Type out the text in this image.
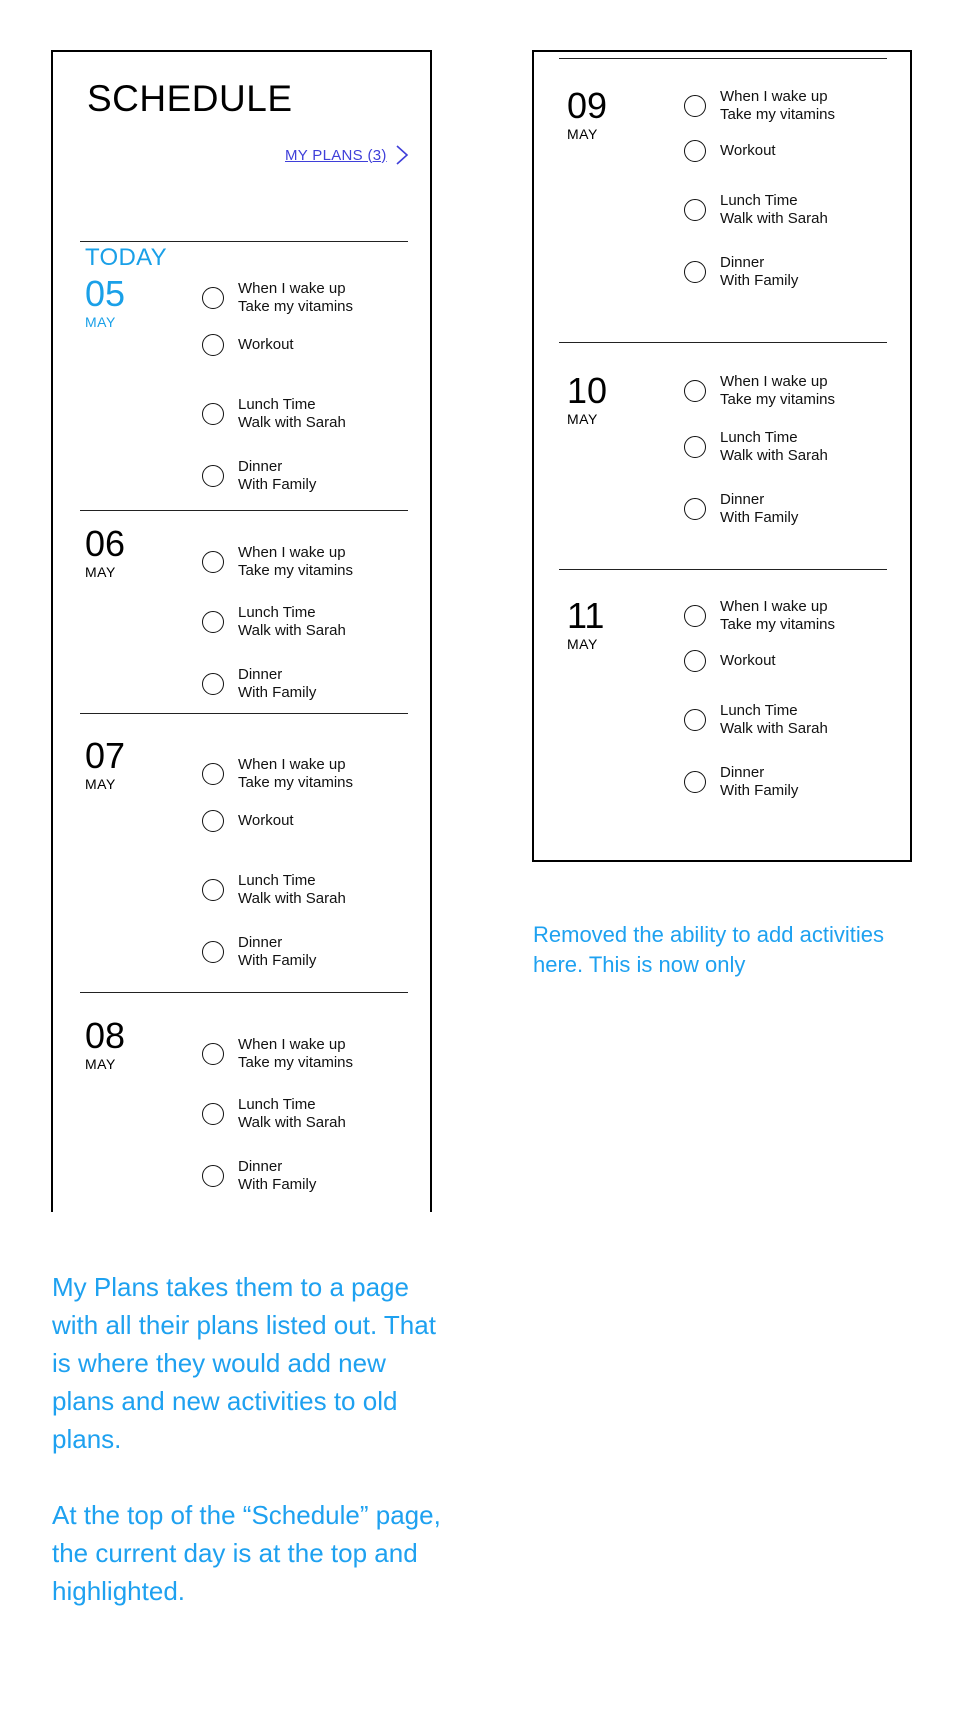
SCHEDULE
MY PLANS (3)
TODAY
05
MAY
When I wake up
Take my vitamins
Workout
Lunch Time
Walk with Sarah
Dinner
With Family
06
MAY
When I wake up
Take my vitamins
Lunch Time
Walk with Sarah
Dinner
With Family
07
MAY
When I wake up
Take my vitamins
Workout
Lunch Time
Walk with Sarah
Dinner
With Family
08
MAY
When I wake up
Take my vitamins
Lunch Time
Walk with Sarah
Dinner
With Family
09
MAY
When I wake up
Take my vitamins
Workout
Lunch Time
Walk with Sarah
Dinner
With Family
10
MAY
When I wake up
Take my vitamins
Lunch Time
Walk with Sarah
Dinner
With Family
11
MAY
When I wake up
Take my vitamins
Workout
Lunch Time
Walk with Sarah
Dinner
With Family
Removed the ability to add activities here. This is now only

My Plans takes them to a page with all their plans listed out. That is where they would add new plans and new activities to old plans.

At the top of the “Schedule” page, the current day is at the top and highlighted.
